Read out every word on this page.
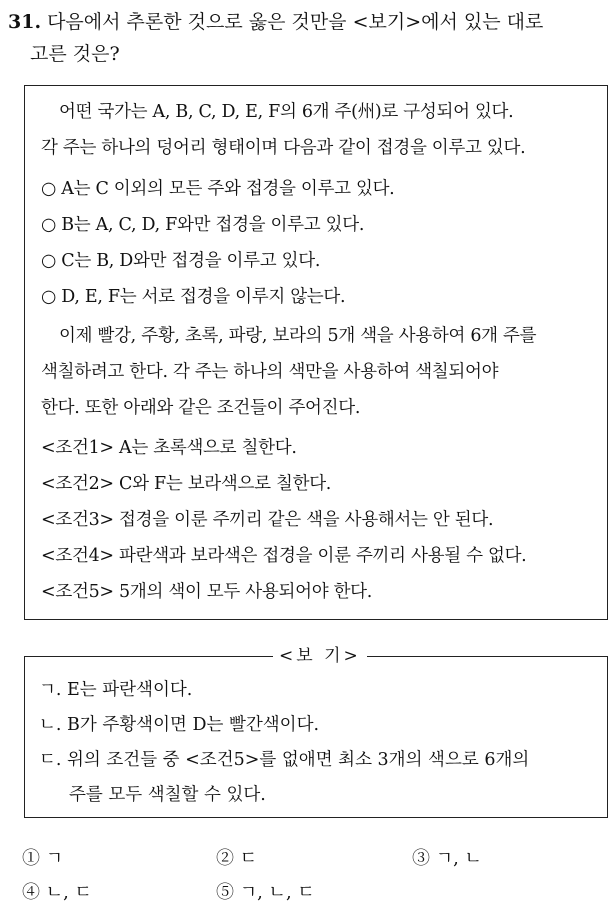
31. 다음에서 추론한 것으로 옳은 것만을 <보기>에서 있는 대로
고른 것은?
어떤 국가는 A, B, C, D, E, F의 6개 주(州)로 구성되어 있다.
각 주는 하나의 덩어리 형태이며 다음과 같이 접경을 이루고 있다.
○ A는 C 이외의 모든 주와 접경을 이루고 있다.
○ B는 A, C, D, F와만 접경을 이루고 있다.
○ C는 B, D와만 접경을 이루고 있다.
○ D, E, F는 서로 접경을 이루지 않는다.
이제 빨강, 주황, 초록, 파랑, 보라의 5개 색을 사용하여 6개 주를
색칠하려고 한다. 각 주는 하나의 색만을 사용하여 색칠되어야
한다. 또한 아래와 같은 조건들이 주어진다.
<조건1> A는 초록색으로 칠한다.
<조건2> C와 F는 보라색으로 칠한다.
<조건3> 접경을 이룬 주끼리 같은 색을 사용해서는 안 된다.
<조건4> 파란색과 보라색은 접경을 이룬 주끼리 사용될 수 없다.
<조건5> 5개의 색이 모두 사용되어야 한다.
<보 기>
ㄱ. E는 파란색이다.
ㄴ. B가 주황색이면 D는 빨간색이다.
ㄷ. 위의 조건들 중 <조건5>를 없애면 최소 3개의 색으로 6개의
주를 모두 색칠할 수 있다.
① ㄱ	② ㄷ	③ ㄱ, ㄴ
④ ㄴ, ㄷ	⑤ ㄱ, ㄴ, ㄷ
